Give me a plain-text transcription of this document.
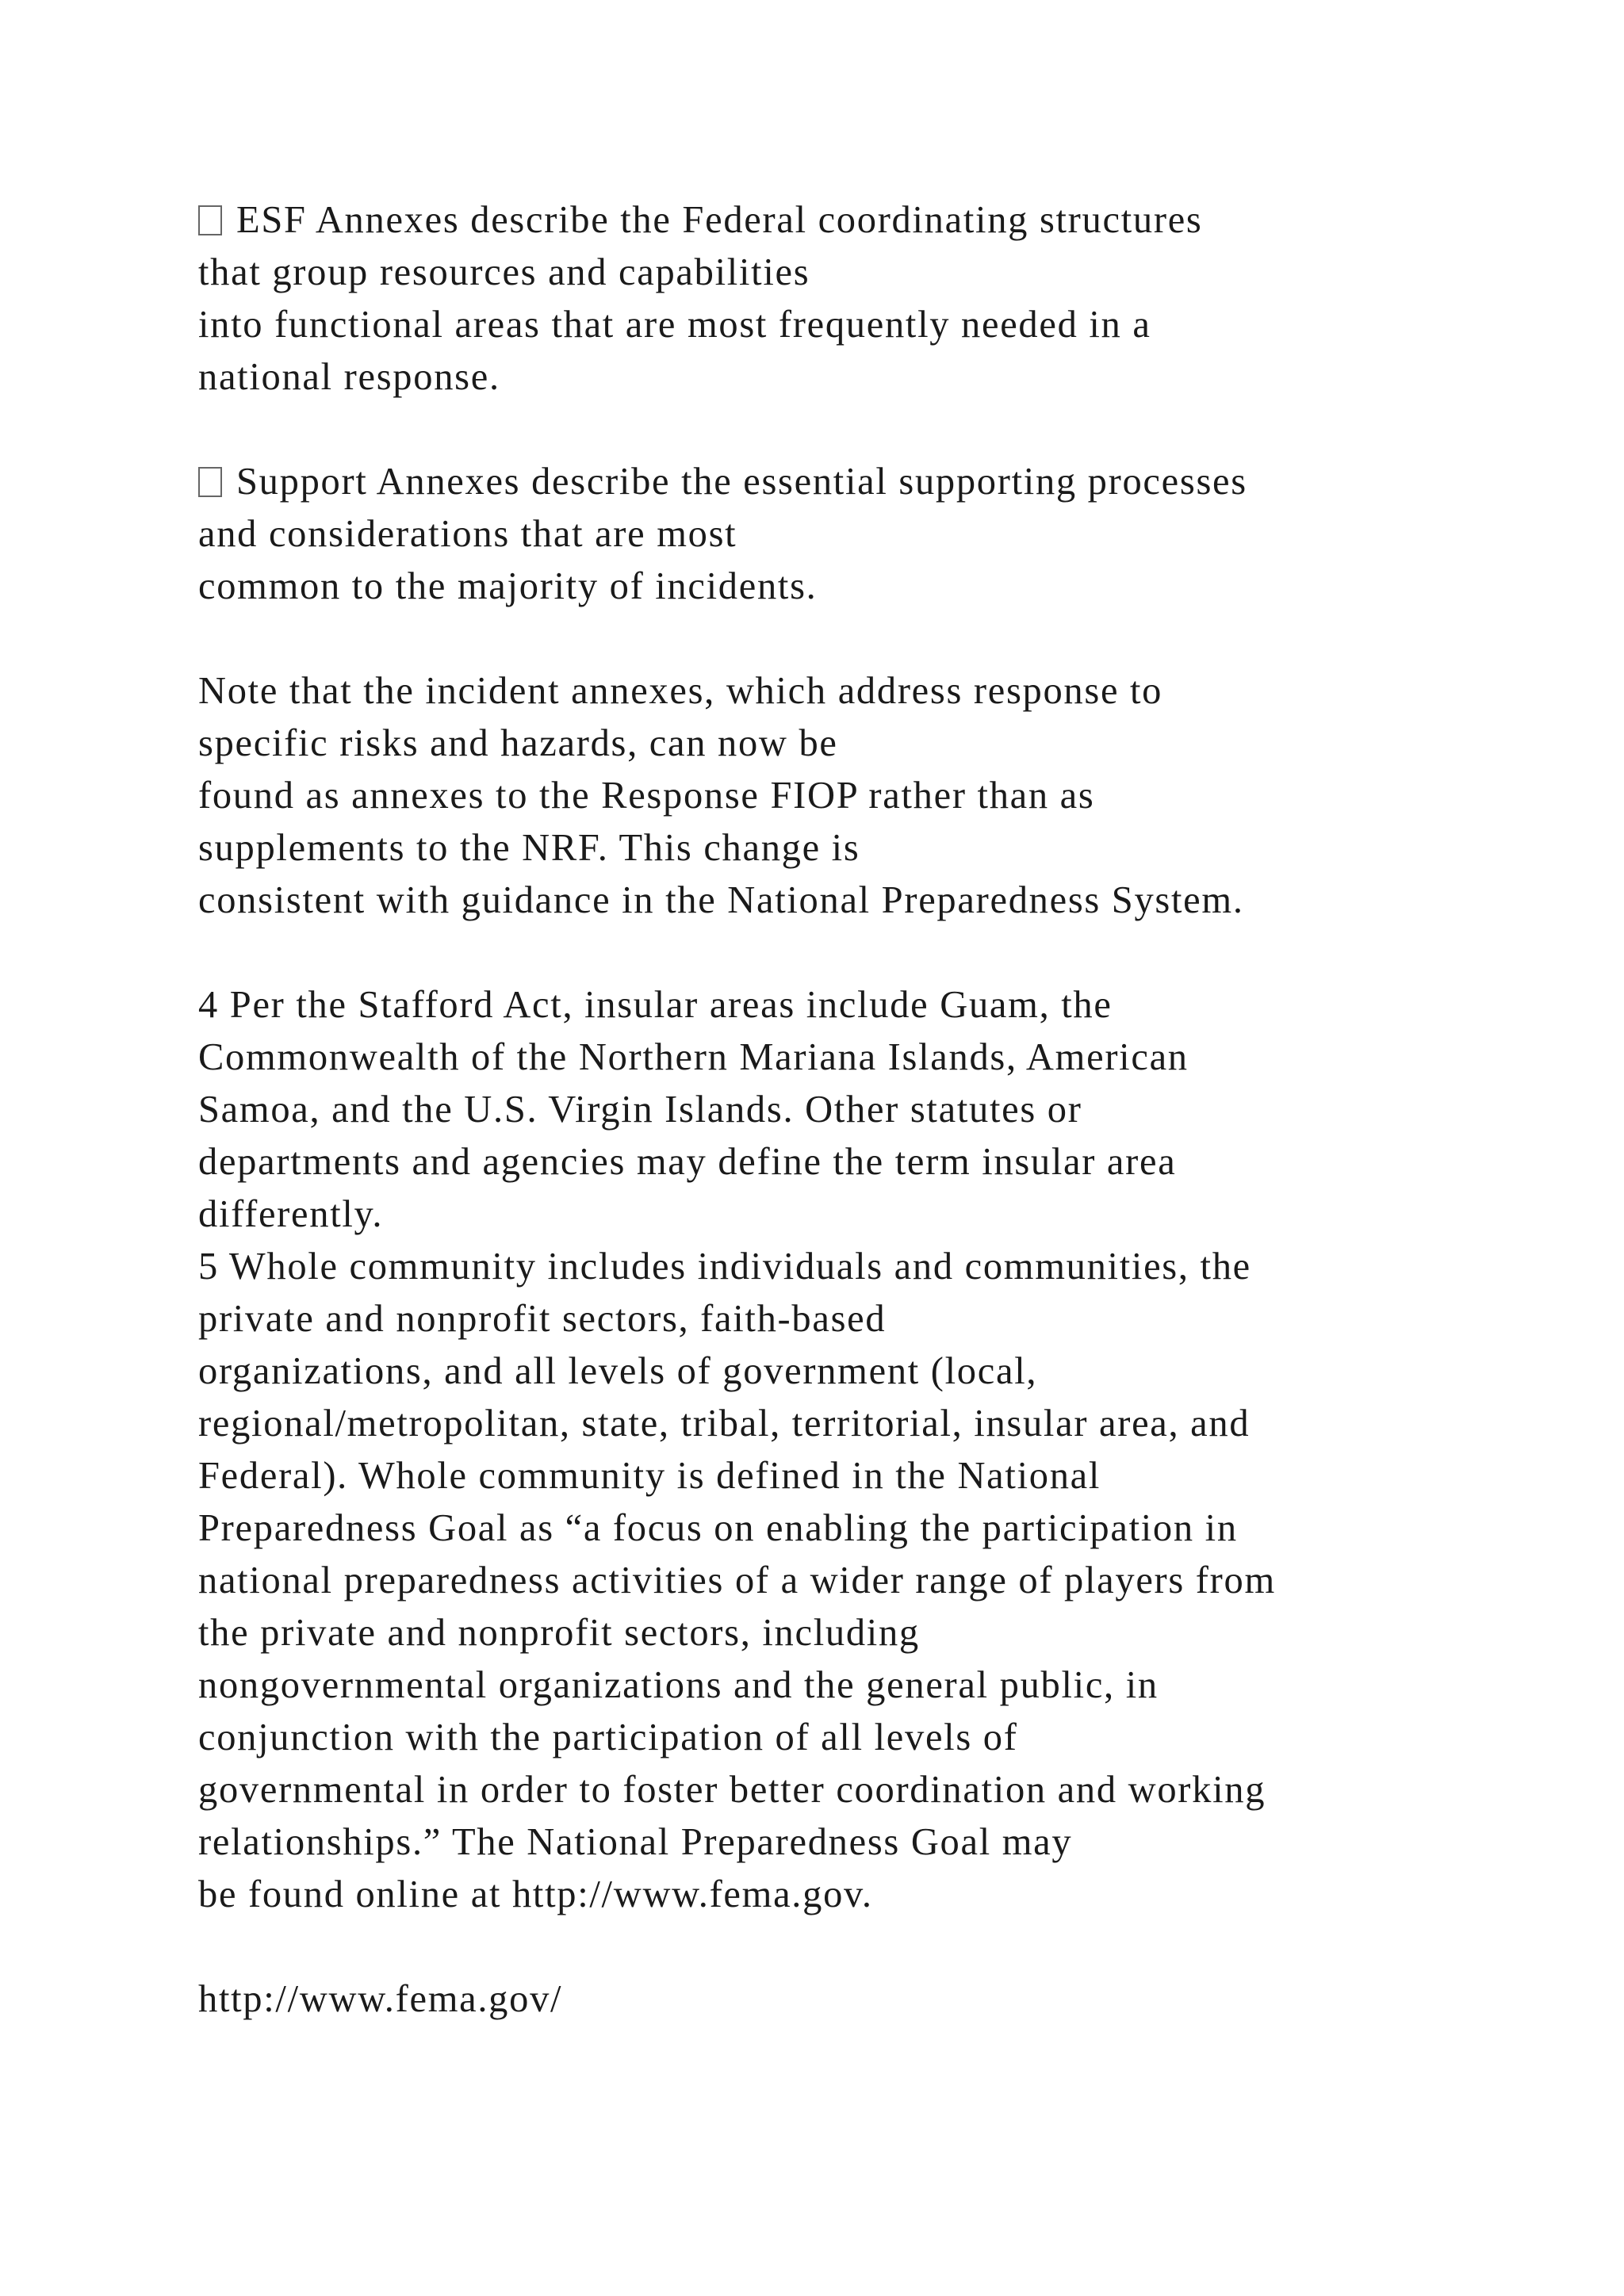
ESF Annexes describe the Federal coordinating structures
that group resources and capabilities
into functional areas that are most frequently needed in a
national response.
Support Annexes describe the essential supporting processes
and considerations that are most
common to the majority of incidents.
Note that the incident annexes, which address response to
specific risks and hazards, can now be
found as annexes to the Response FIOP rather than as
supplements to the NRF. This change is
consistent with guidance in the National Preparedness System.
4 Per the Stafford Act, insular areas include Guam, the
Commonwealth of the Northern Mariana Islands, American
Samoa, and the U.S. Virgin Islands. Other statutes or
departments and agencies may define the term insular area
differently.
5 Whole community includes individuals and communities, the
private and nonprofit sectors, faith-based
organizations, and all levels of government (local,
regional/metropolitan, state, tribal, territorial, insular area, and
Federal). Whole community is defined in the National
Preparedness Goal as “a focus on enabling the participation in
national preparedness activities of a wider range of players from
the private and nonprofit sectors, including
nongovernmental organizations and the general public, in
conjunction with the participation of all levels of
governmental in order to foster better coordination and working
relationships.” The National Preparedness Goal may
be found online at http://www.fema.gov.
http://www.fema.gov/
